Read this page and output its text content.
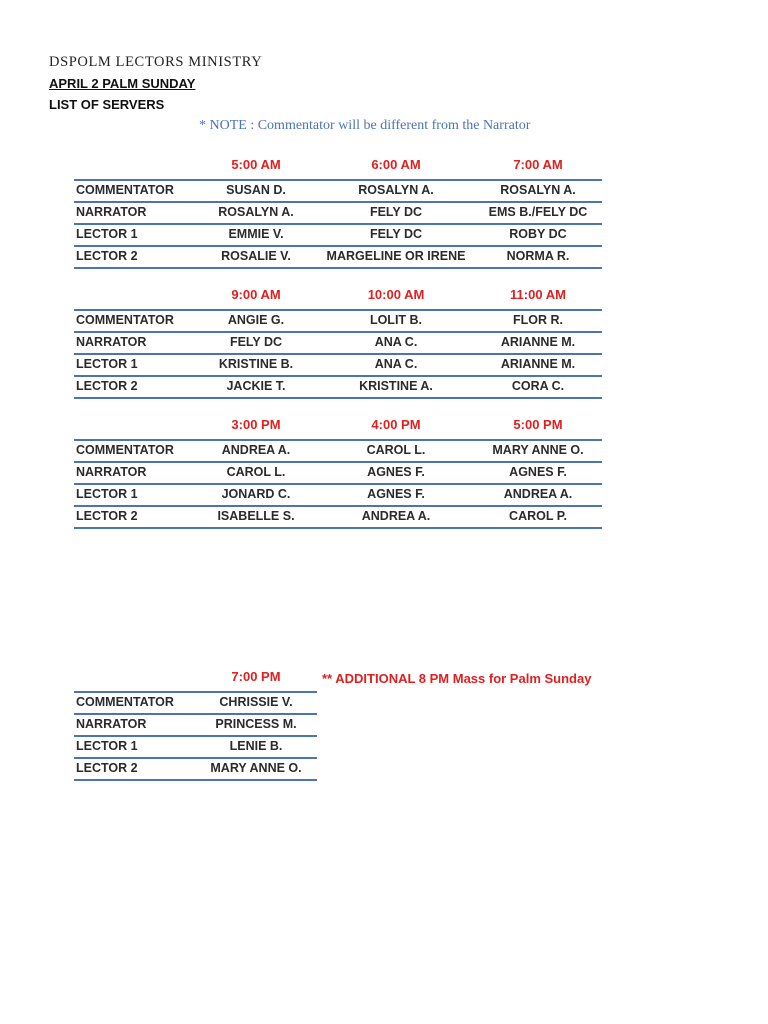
DSPOLM LECTORS MINISTRY
APRIL 2 PALM SUNDAY
LIST OF SERVERS
* NOTE : Commentator will be different from the Narrator
5:00 AM	6:00 AM	7:00 AM
COMMENTATOR	SUSAN D.	ROSALYN A.	ROSALYN A.
NARRATOR	ROSALYN A.	FELY DC	EMS B./FELY DC
LECTOR 1	EMMIE V.	FELY DC	ROBY DC
LECTOR 2	ROSALIE V.	MARGELINE OR IRENE	NORMA R.
9:00 AM	10:00 AM	11:00 AM
COMMENTATOR	ANGIE G.	LOLIT B.	FLOR R.
NARRATOR	FELY DC	ANA C.	ARIANNE M.
LECTOR 1	KRISTINE B.	ANA C.	ARIANNE M.
LECTOR 2	JACKIE T.	KRISTINE A.	CORA C.
3:00 PM	4:00 PM	5:00 PM
COMMENTATOR	ANDREA A.	CAROL L.	MARY ANNE O.
NARRATOR	CAROL L.	AGNES F.	AGNES F.
LECTOR 1	JONARD C.	AGNES F.	ANDREA A.
LECTOR 2	ISABELLE S.	ANDREA A.	CAROL P.
7:00 PM
COMMENTATOR	CHRISSIE V.
NARRATOR	PRINCESS M.
LECTOR 1	LENIE B.
LECTOR 2	MARY ANNE O.
** ADDITIONAL 8 PM Mass for Palm Sunday
